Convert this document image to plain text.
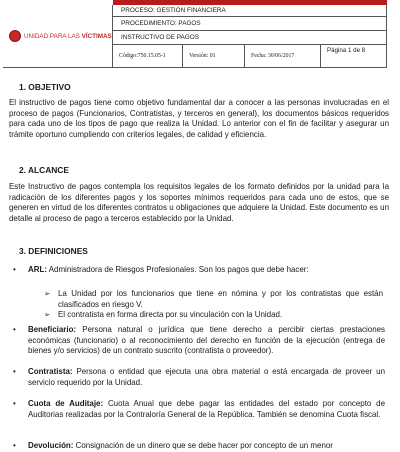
UNIDAD PARA LAS VÍCTIMAS
PROCESO: GESTIÓN FINANCIERA
PROCEDIMIENTO: PAGOS
INSTRUCTIVO DE PAGOS
Código:750.15.05-1	Versión: 01	Fecha: 30/06/2017
Página 1 de 8
1. OBJETIVO

El instructivo de pagos tiene como objetivo fundamental dar a conocer a las personas involucradas en el proceso de pagos (Funcionarios, Contratistas, y terceros en general), los documentos básicos requeridos para cada uno de los tipos de pago que realiza la Unidad. Lo anterior con el fin de facilitar y asegurar un trámite oportuno cumpliendo con criterios legales, de calidad y eficiencia.

2. ALCANCE

Este Instructivo de pagos contempla los requisitos legales de los formato definidos por la unidad para la radicación de los diferentes pagos y los soportes mínimos requeridos para cada uno de estos, que se generen en virtud de los diferentes contratos u obligaciones que adquiere la Unidad. Este documento es un detalle al proceso de pago a terceros establecido por la Unidad.

3. DEFINICIONES

• ARL: Administradora de Riesgos Profesionales. Son los pagos que debe hacer:

➢ La Unidad por los funcionarios que tiene en nómina y por los contratistas que están clasificados en riesgo V.

➢ El contratista en forma directa por su vinculación con la Unidad.

• Beneficiario: Persona natural o jurídica que tiene derecho a percibir ciertas prestaciones económicas (funcionario) o al reconocimiento del derecho en función de la ejecución (entrega de bienes y/o servicios) de un contrato suscrito (contratista o proveedor).

• Contratista: Persona o entidad que ejecuta una obra material o está encargada de proveer un servicio requerido por la Unidad.

• Cuota de Auditaje: Cuota Anual que debe pagar las entidades del estado por concepto de Auditorias realizadas por la Contraloría General de la República. También se denomina Cuota fiscal.

• Devolución: Consignación de un dinero que se debe hacer por concepto de un menor
